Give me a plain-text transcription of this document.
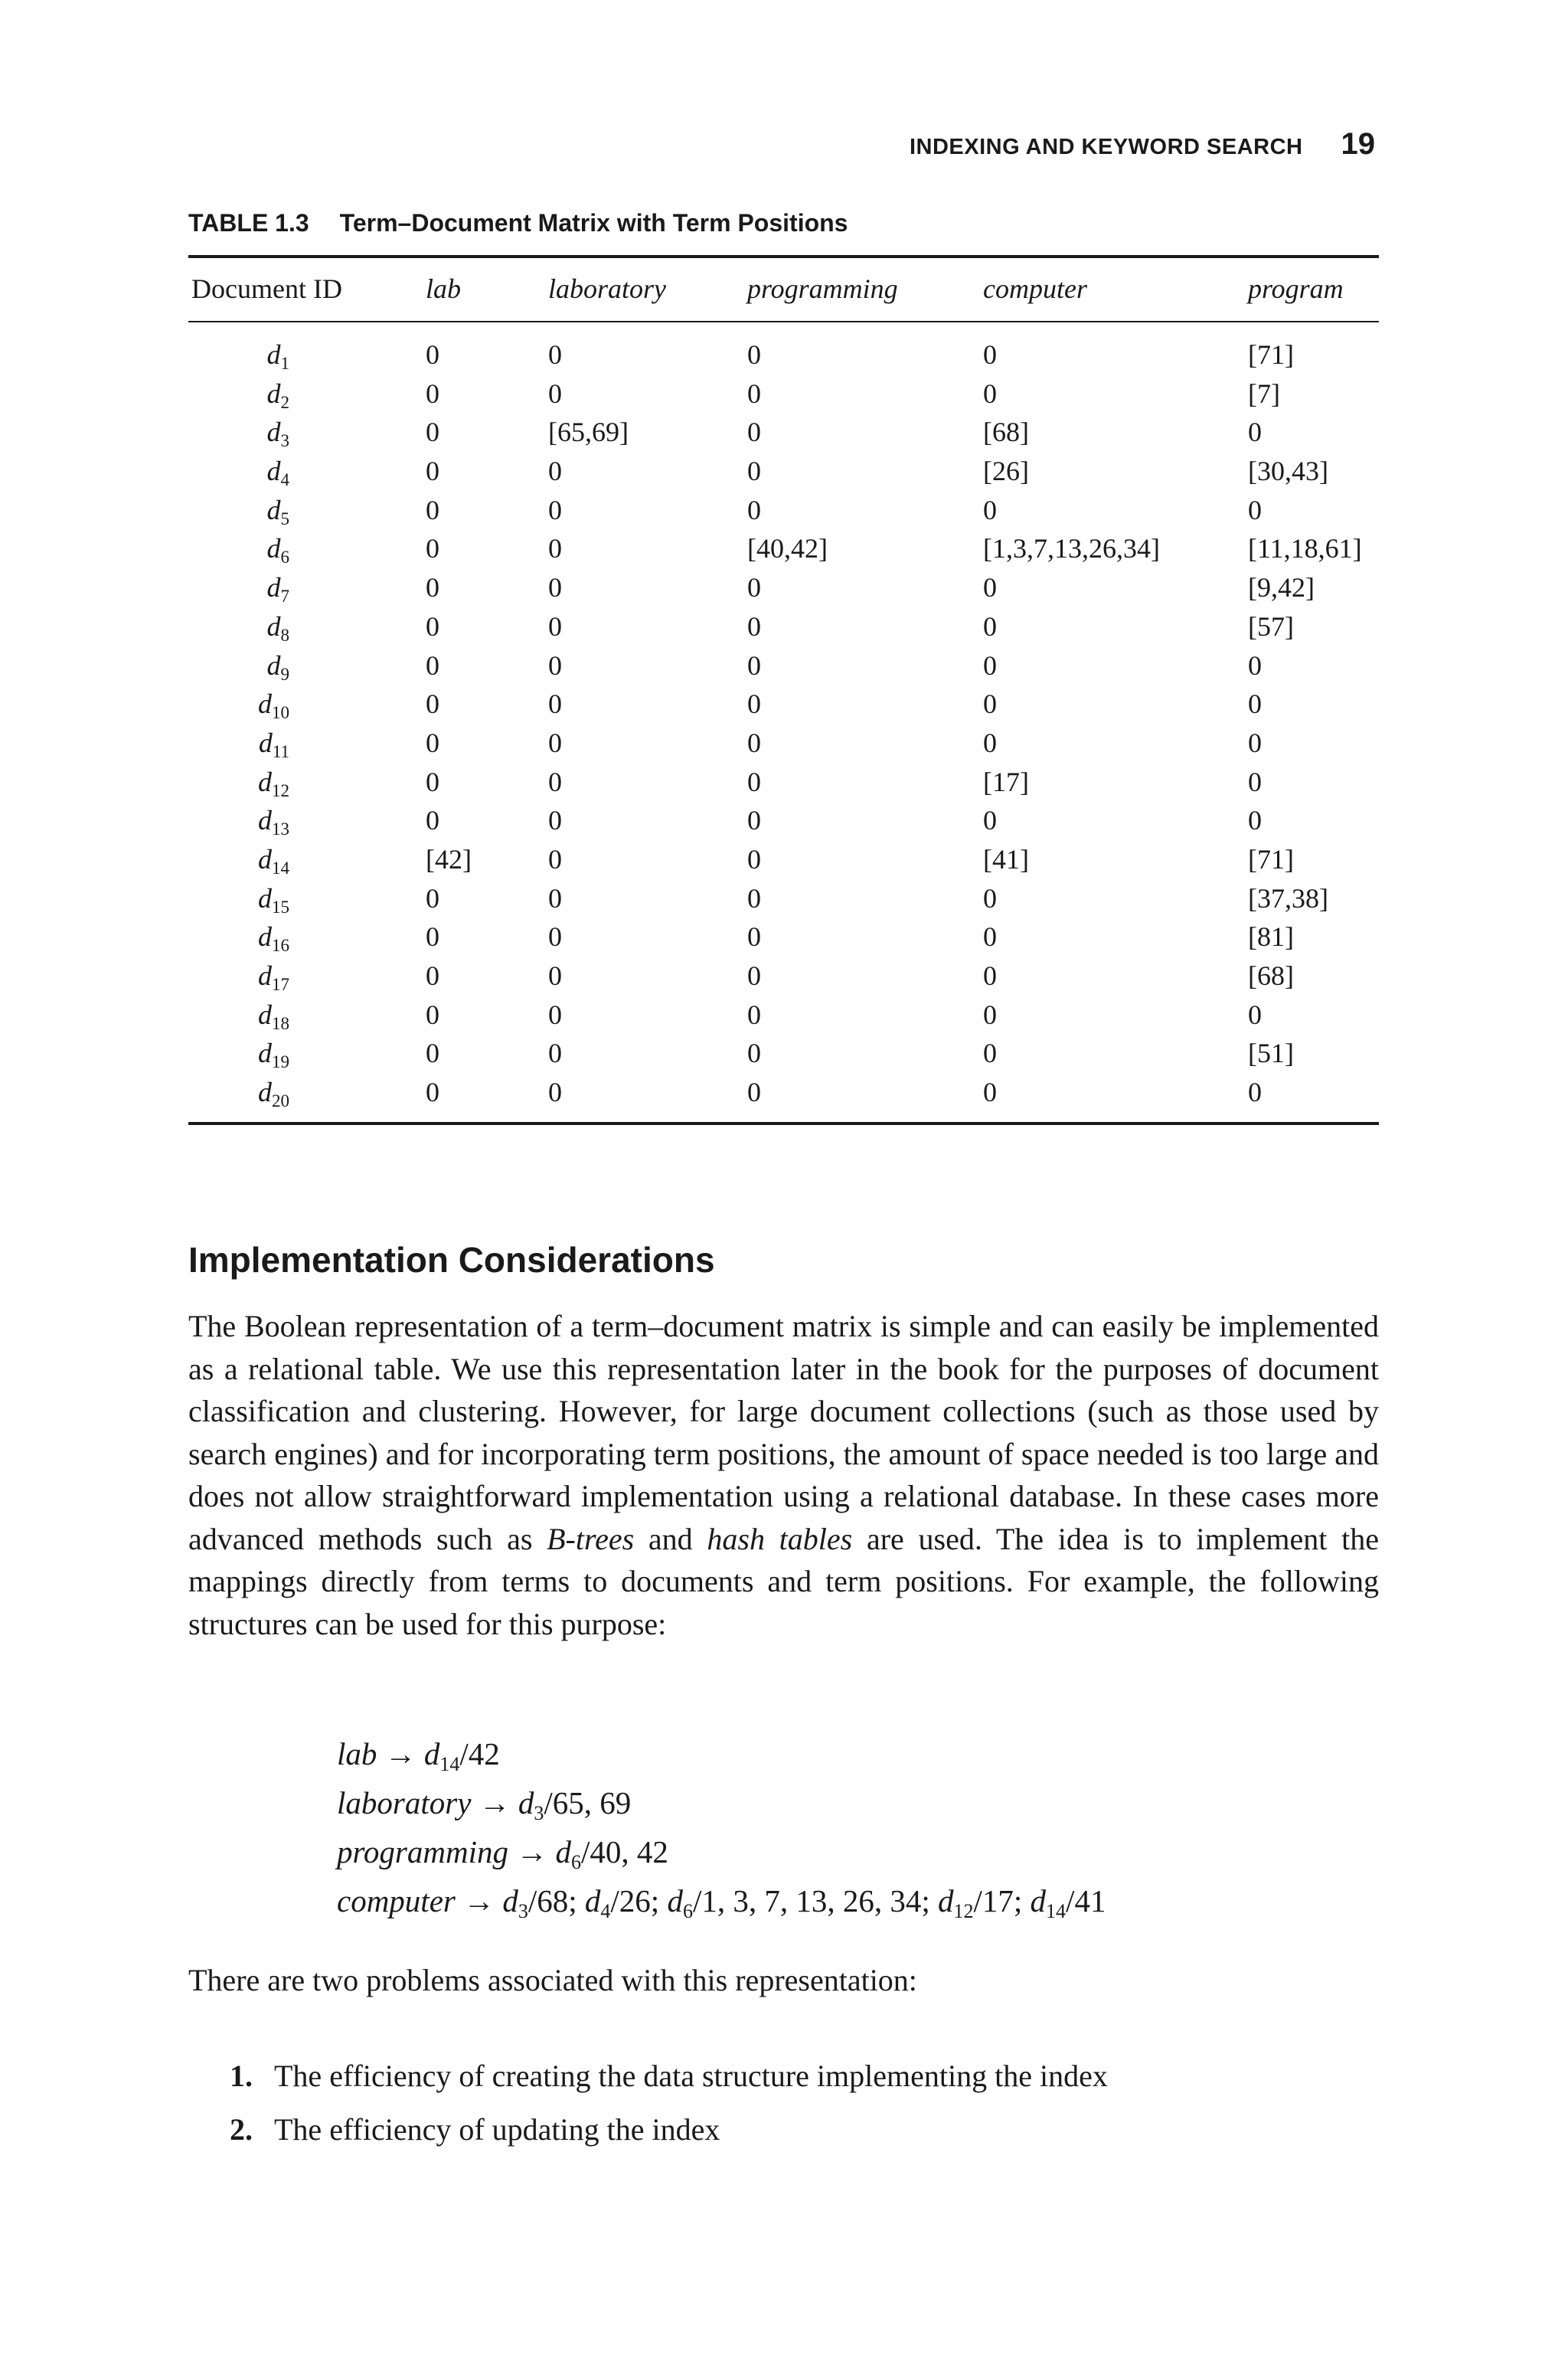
INDEXING AND KEYWORD SEARCH 19
TABLE 1.3 Term–Document Matrix with Term Positions
Document ID	lab	laboratory	programming	computer	program
$d_1$	0	0	0	0	[71]
$d_2$	0	0	0	0	[7]
$d_3$	0	[65,69]	0	[68]	0
$d_4$	0	0	0	[26]	[30,43]
$d_5$	0	0	0	0	0
$d_6$	0	0	[40,42]	[1,3,7,13,26,34]	[11,18,61]
$d_7$	0	0	0	0	[9,42]
$d_8$	0	0	0	0	[57]
$d_9$	0	0	0	0	0
$d_{10}$	0	0	0	0	0
$d_{11}$	0	0	0	0	0
$d_{12}$	0	0	0	[17]	0
$d_{13}$	0	0	0	0	0
$d_{14}$	[42]	0	0	[41]	[71]
$d_{15}$	0	0	0	0	[37,38]
$d_{16}$	0	0	0	0	[81]
$d_{17}$	0	0	0	0	[68]
$d_{18}$	0	0	0	0	0
$d_{19}$	0	0	0	0	[51]
$d_{20}$	0	0	0	0	0
Implementation Considerations
The Boolean representation of a term–document matrix is simple and can easily be implemented as a relational table. We use this representation later in the book for the purposes of document classification and clustering. However, for large document collections (such as those used by search engines) and for incorporating term positions, the amount of space needed is too large and does not allow straightforward implementation using a relational database. In these cases more advanced methods such as B-trees and hash tables are used. The idea is to implement the mappings directly from terms to documents and term positions. For example, the following structures can be used for this purpose:
lab → $d_{14}/42$
laboratory → $d_3/65$, 69
programming → $d_6/40$, 42
computer → $d_3/68$; $d_4/26$; $d_6/1$, 3, 7, 13, 26, 34; $d_{12}/17$; $d_{14}/41$
There are two problems associated with this representation:
1. The efficiency of creating the data structure implementing the index
2. The efficiency of updating the index
